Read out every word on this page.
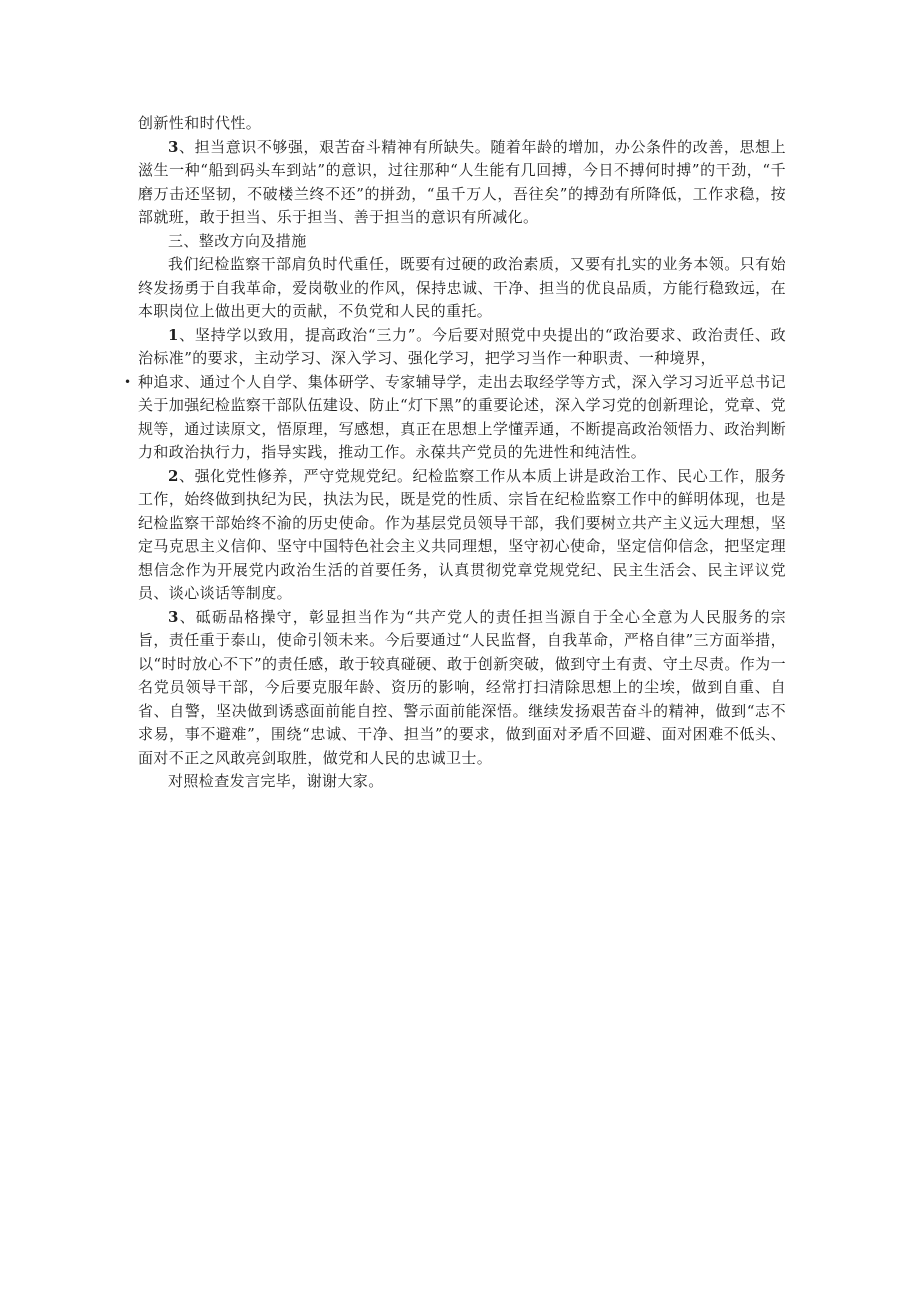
创新性和时代性。

3、担当意识不够强，艰苦奋斗精神有所缺失。随着年龄的增加，办公条件的改善，思想上滋生一种“船到码头车到站”的意识，过往那种“人生能有几回搏，今日不搏何时搏”的干劲，“千磨万击还坚韧，不破楼兰终不还”的拼劲，“虽千万人，吾往矣”的搏劲有所降低，工作求稳，按部就班，敢于担当、乐于担当、善于担当的意识有所减化。

三、整改方向及措施

我们纪检监察干部肩负时代重任，既要有过硬的政治素质，又要有扎实的业务本领。只有始终发扬勇于自我革命，爱岗敬业的作风，保持忠诚、干净、担当的优良品质，方能行稳致远，在本职岗位上做出更大的贡献，不负党和人民的重托。

1、坚持学以致用，提高政治“三力”。今后要对照党中央提出的“政治要求、政治责任、政治标准”的要求，主动学习、深入学习、强化学习，把学习当作一种职责、一种境界，

• 种追求、通过个人自学、集体研学、专家辅导学，走出去取经学等方式，深入学习习近平总书记关于加强纪检监察干部队伍建设、防止“灯下黑”的重要论述，深入学习党的创新理论，党章、党规等，通过读原文，悟原理，写感想，真正在思想上学懂弄通，不断提高政治领悟力、政治判断力和政治执行力，指导实践，推动工作。永葆共产党员的先进性和纯洁性。

2、强化党性修养，严守党规党纪。纪检监察工作从本质上讲是政治工作、民心工作，服务工作，始终做到执纪为民，执法为民，既是党的性质、宗旨在纪检监察工作中的鲜明体现，也是纪检监察干部始终不渝的历史使命。作为基层党员领导干部，我们要树立共产主义远大理想，坚定马克思主义信仰、坚守中国特色社会主义共同理想，坚守初心使命，坚定信仰信念，把坚定理想信念作为开展党内政治生活的首要任务，认真贯彻党章党规党纪、民主生活会、民主评议党员、谈心谈话等制度。

3、砥砺品格操守，彰显担当作为“共产党人的责任担当源自于全心全意为人民服务的宗旨，责任重于泰山，使命引领未来。今后要通过“人民监督，自我革命，严格自律”三方面举措，以“时时放心不下”的责任感，敢于较真碰硬、敢于创新突破，做到守土有责、守土尽责。作为一名党员领导干部，今后要克服年龄、资历的影响，经常打扫清除思想上的尘埃，做到自重、自省、自警，坚决做到诱惑面前能自控、警示面前能深悟。继续发扬艰苦奋斗的精神，做到“志不求易，事不避难”，围绕“忠诚、干净、担当”的要求，做到面对矛盾不回避、面对困难不低头、面对不正之风敢亮剑取胜，做党和人民的忠诚卫士。

对照检查发言完毕，谢谢大家。
